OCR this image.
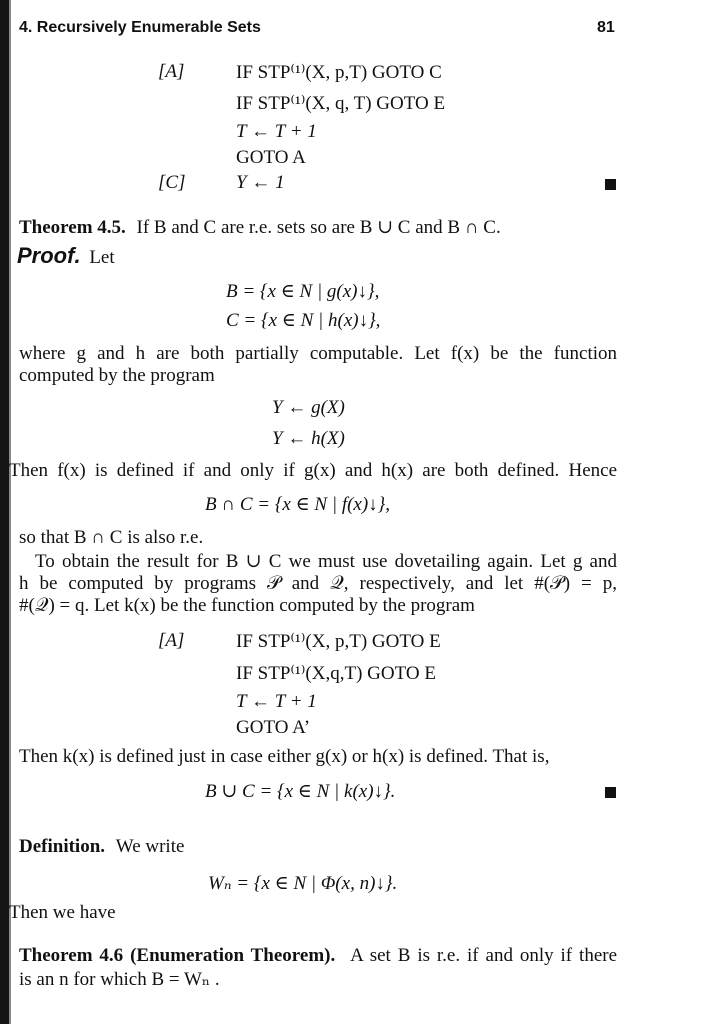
4. Recursively Enumerable Sets	81
[A]	IF STP⁽¹⁾(X, p,T) GOTO C
IF STP⁽¹⁾(X, q, T) GOTO E
T ← T + 1
GOTO A
[C]	Y ← 1
Theorem 4.5. If B and C are r.e. sets so are B ∪ C and B ∩ C.
Proof. Let
B = {x ∈ N | g(x)↓},
C = {x ∈ N | h(x)↓},
where g and h are both partially computable. Let f(x) be the function
computed by the program
Y ← g(X)
Y ← h(X)
Then f(x) is defined if and only if g(x) and h(x) are both defined. Hence
B ∩ C = {x ∈ N | f(x)↓},
so that B ∩ C is also r.e.
To obtain the result for B ∪ C we must use dovetailing again. Let g and
h be computed by programs 𝒫 and 𝒬, respectively, and let #(𝒫) = p,
#(𝒬) = q. Let k(x) be the function computed by the program
[A]	IF STP⁽¹⁾(X, p,T) GOTO E
IF STP⁽¹⁾(X,q,T) GOTO E
T ← T + 1
GOTO A’
Then k(x) is defined just in case either g(x) or h(x) is defined. That is,
B ∪ C = {x ∈ N | k(x)↓}.
Definition. We write
Wₙ = {x ∈ N | Φ(x, n)↓}.
Then we have
Theorem 4.6 (Enumeration Theorem). A set B is r.e. if and only if there
is an n for which B = Wₙ .
